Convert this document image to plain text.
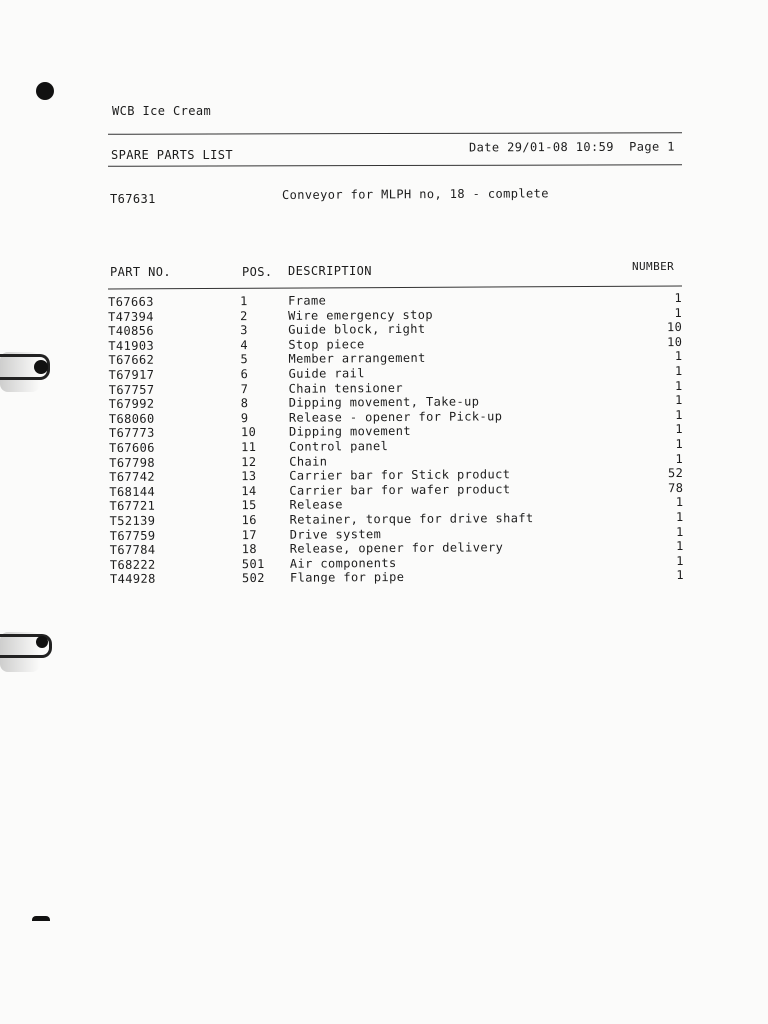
WCB Ice Cream
SPARE PARTS LIST
Date 29/01-08 10:59 Page 1
T67631	Conveyor for MLPH no, 18 - complete
PART NO.	POS. DESCRIPTION	NUMBER
T67663	1	Frame	1
T47394	2	Wire emergency stop	1
T40856	3	Guide block, right	10
T41903	4	Stop piece	10
T67662	5	Member arrangement	1
T67917	6	Guide rail	1
T67757	7	Chain tensioner	1
T67992	8	Dipping movement, Take-up	1
T68060	9	Release - opener for Pick-up	1
T67773	10	Dipping movement	1
T67606	11	Control panel	1
T67798	12	Chain	1
T67742	13	Carrier bar for Stick product	52
T68144	14	Carrier bar for wafer product	78
T67721	15	Release	1
T52139	16	Retainer, torque for drive shaft	1
T67759	17	Drive system	1
T67784	18	Release, opener for delivery	1
T68222	501 Air components	1
T44928	502 Flange for pipe	1
